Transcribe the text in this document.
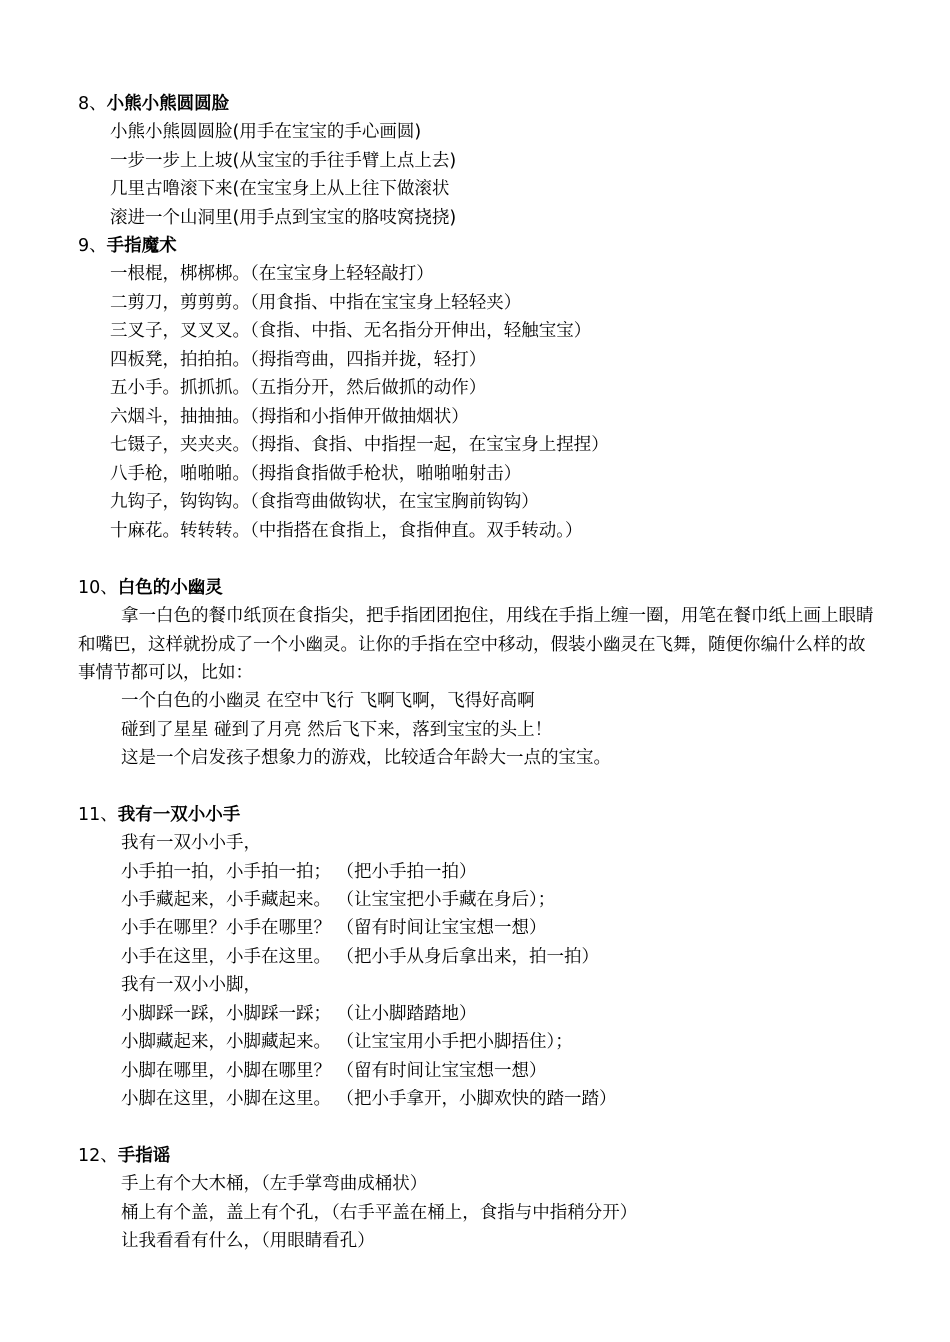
8、小熊小熊圆圆脸
小熊小熊圆圆脸(用手在宝宝的手心画圆)
一步一步上上坡(从宝宝的手往手臂上点上去)
几里古噜滚下来(在宝宝身上从上往下做滚状
滚进一个山洞里(用手点到宝宝的胳吱窝挠挠)
9、手指魔术
一根棍，梆梆梆。（在宝宝身上轻轻敲打）
二剪刀，剪剪剪。（用食指、中指在宝宝身上轻轻夹）
三叉子，叉叉叉。（食指、中指、无名指分开伸出，轻触宝宝）
四板凳，拍拍拍。（拇指弯曲，四指并拢，轻打）
五小手。抓抓抓。（五指分开，然后做抓的动作）
六烟斗，抽抽抽。（拇指和小指伸开做抽烟状）
七镊子，夹夹夹。（拇指、食指、中指捏一起，在宝宝身上捏捏）
八手枪，啪啪啪。（拇指食指做手枪状，啪啪啪射击）
九钩子，钩钩钩。（食指弯曲做钩状，在宝宝胸前钩钩）
十麻花。转转转。（中指搭在食指上，食指伸直。双手转动。）
10、白色的小幽灵
拿一白色的餐巾纸顶在食指尖，把手指团团抱住，用线在手指上缠一圈，用笔在餐巾纸上画上眼睛和嘴巴，这样就扮成了一个小幽灵。让你的手指在空中移动，假装小幽灵在飞舞，随便你编什么样的故事情节都可以，比如：
一个白色的小幽灵 在空中飞行 飞啊飞啊，飞得好高啊
碰到了星星 碰到了月亮 然后飞下来，落到宝宝的头上！
这是一个启发孩子想象力的游戏，比较适合年龄大一点的宝宝。
11、我有一双小小手
我有一双小小手，
小手拍一拍，小手拍一拍； （把小手拍一拍）
小手藏起来，小手藏起来。 （让宝宝把小手藏在身后）；
小手在哪里？小手在哪里？ （留有时间让宝宝想一想）
小手在这里，小手在这里。 （把小手从身后拿出来，拍一拍）
我有一双小小脚，
小脚踩一踩，小脚踩一踩； （让小脚踏踏地）
小脚藏起来，小脚藏起来。 （让宝宝用小手把小脚捂住）；
小脚在哪里，小脚在哪里？ （留有时间让宝宝想一想）
小脚在这里，小脚在这里。 （把小手拿开，小脚欢快的踏一踏）
12、手指谣
手上有个大木桶，（左手掌弯曲成桶状）
桶上有个盖，盖上有个孔，（右手平盖在桶上，食指与中指稍分开）
让我看看有什么，（用眼睛看孔）
